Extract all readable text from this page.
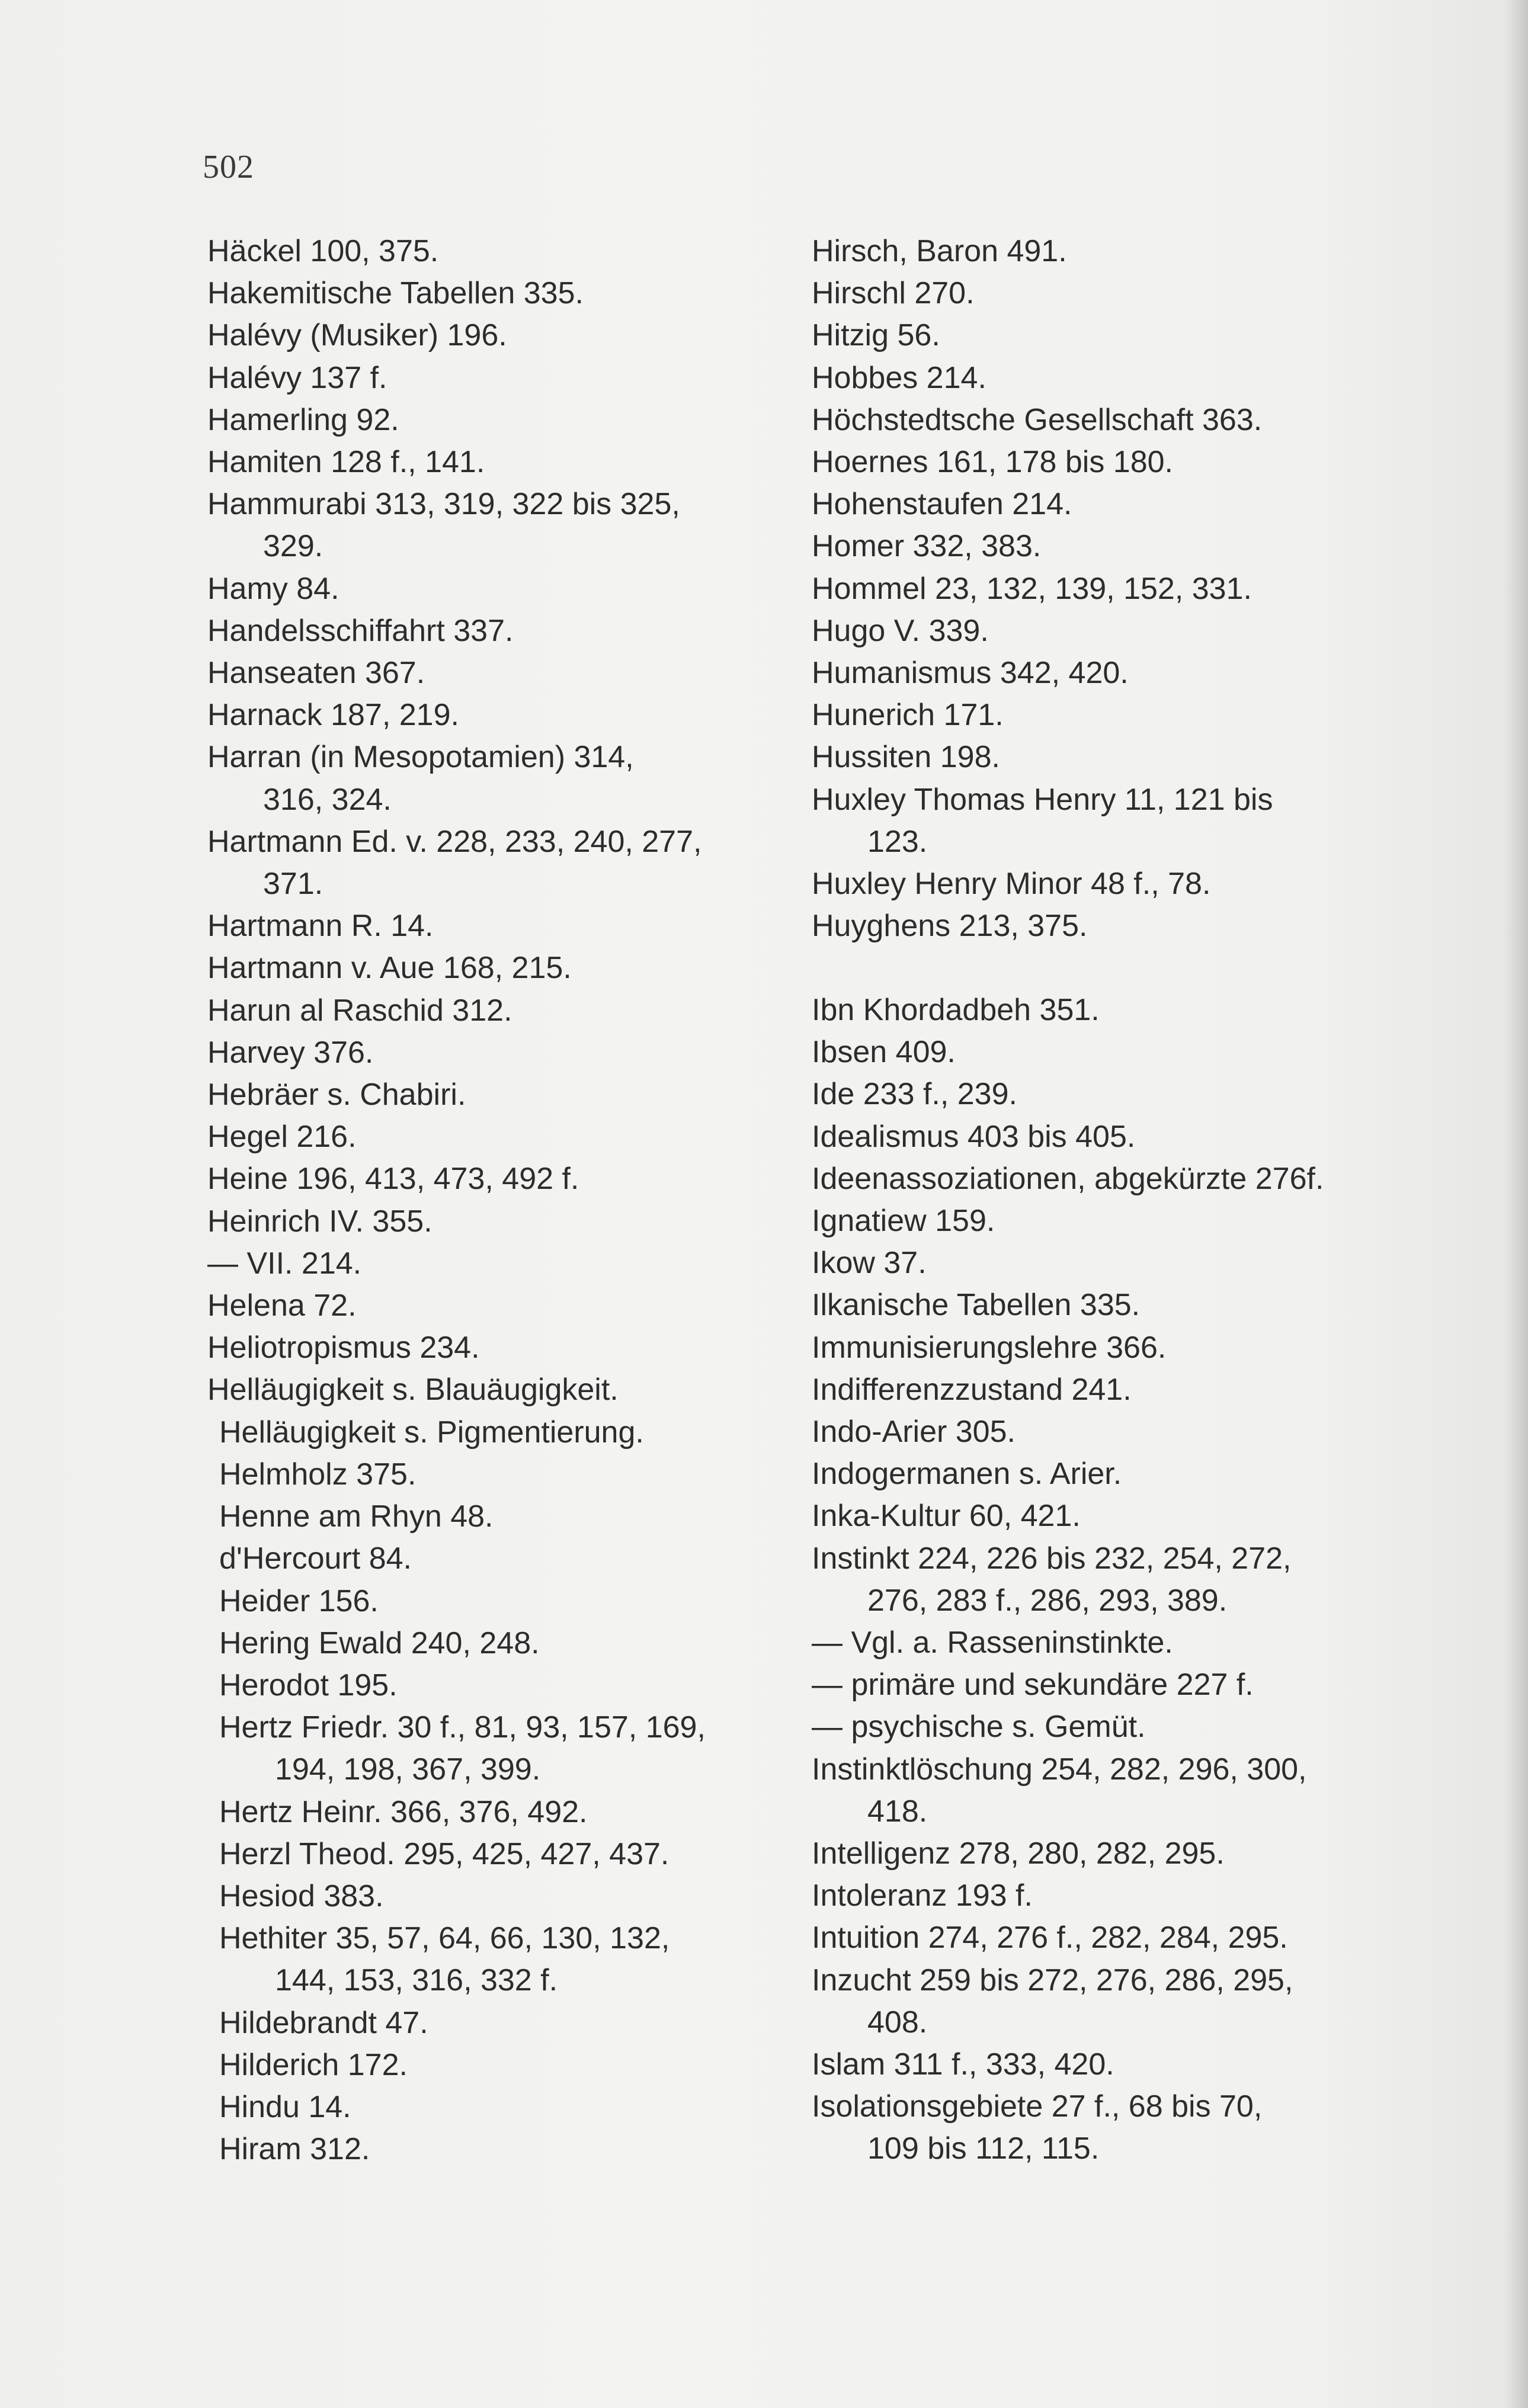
502
Häckel 100, 375.
Hakemitische Tabellen 335.
Halévy (Musiker) 196.
Halévy 137 f.
Hamerling 92.
Hamiten 128 f., 141.
Hammurabi 313, 319, 322 bis 325,
329.
Hamy 84.
Handelsschiffahrt 337.
Hanseaten 367.
Harnack 187, 219.
Harran (in Mesopotamien) 314,
316, 324.
Hartmann Ed. v. 228, 233, 240, 277,
371.
Hartmann R. 14.
Hartmann v. Aue 168, 215.
Harun al Raschid 312.
Harvey 376.
Hebräer s. Chabiri.
Hegel 216.
Heine 196, 413, 473, 492 f.
Heinrich IV. 355.
— VII. 214.
Helena 72.
Heliotropismus 234.
Helläugigkeit s. Blauäugigkeit.
Helläugigkeit s. Pigmentierung.
Helmholz 375.
Henne am Rhyn 48.
d'Hercourt 84.
Heider 156.
Hering Ewald 240, 248.
Herodot 195.
Hertz Friedr. 30 f., 81, 93, 157, 169,
194, 198, 367, 399.
Hertz Heinr. 366, 376, 492.
Herzl Theod. 295, 425, 427, 437.
Hesiod 383.
Hethiter 35, 57, 64, 66, 130, 132,
144, 153, 316, 332 f.
Hildebrandt 47.
Hilderich 172.
Hindu 14.
Hiram 312.
Hirsch, Baron 491.
Hirschl 270.
Hitzig 56.
Hobbes 214.
Höchstedtsche Gesellschaft 363.
Hoernes 161, 178 bis 180.
Hohenstaufen 214.
Homer 332, 383.
Hommel 23, 132, 139, 152, 331.
Hugo V. 339.
Humanismus 342, 420.
Hunerich 171.
Hussiten 198.
Huxley Thomas Henry 11, 121 bis
123.
Huxley Henry Minor 48 f., 78.
Huyghens 213, 375.
Ibn Khordadbeh 351.
Ibsen 409.
Ide 233 f., 239.
Idealismus 403 bis 405.
Ideenassoziationen, abgekürzte 276f.
Ignatiew 159.
Ikow 37.
Ilkanische Tabellen 335.
Immunisierungslehre 366.
Indifferenzzustand 241.
Indo-Arier 305.
Indogermanen s. Arier.
Inka-Kultur 60, 421.
Instinkt 224, 226 bis 232, 254, 272,
276, 283 f., 286, 293, 389.
— Vgl. a. Rasseninstinkte.
— primäre und sekundäre 227 f.
— psychische s. Gemüt.
Instinktlöschung 254, 282, 296, 300,
418.
Intelligenz 278, 280, 282, 295.
Intoleranz 193 f.
Intuition 274, 276 f., 282, 284, 295.
Inzucht 259 bis 272, 276, 286, 295,
408.
Islam 311 f., 333, 420.
Isolationsgebiete 27 f., 68 bis 70,
109 bis 112, 115.
